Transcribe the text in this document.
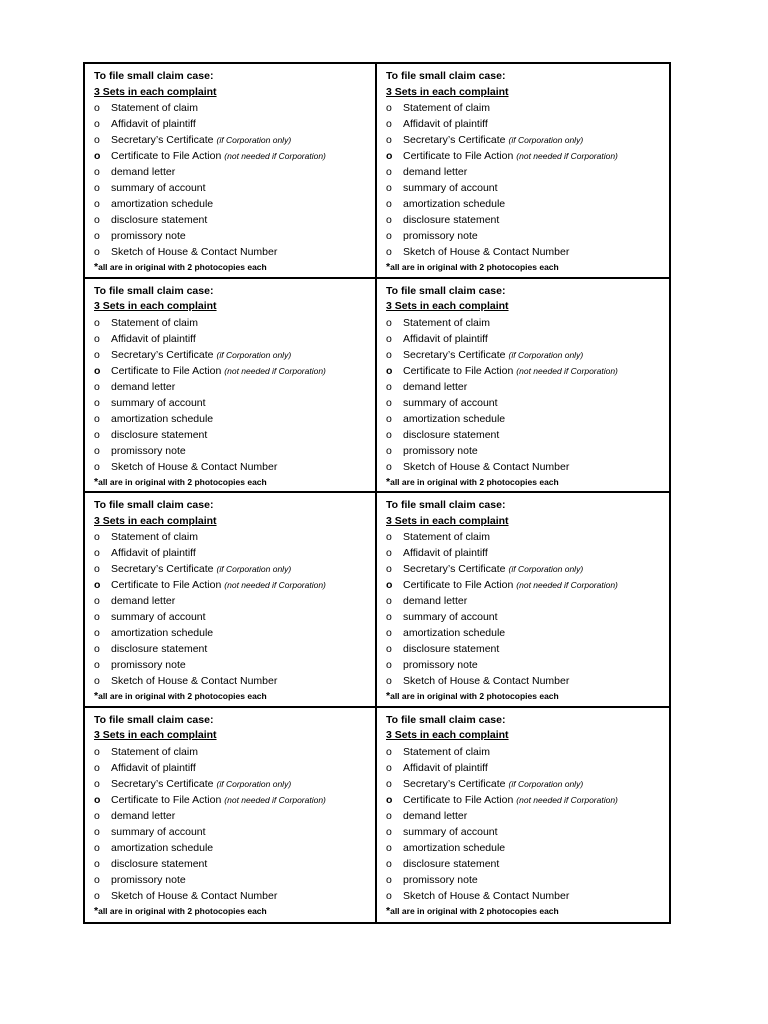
To file small claim case:
3 Sets in each complaint
o	Statement of claim
o	Affidavit of plaintiff
o	Secretary’s Certificate (if Corporation only)
o	Certificate to File Action (not needed if Corporation)
o	demand letter
o	summary of account
o	amortization schedule
o	disclosure statement
o	promissory note
o	Sketch of House & Contact Number
*all are in original with 2 photocopies each
To file small claim case:
3 Sets in each complaint
o	Statement of claim
o	Affidavit of plaintiff
o	Secretary’s Certificate (if Corporation only)
o	Certificate to File Action (not needed if Corporation)
o	demand letter
o	summary of account
o	amortization schedule
o	disclosure statement
o	promissory note
o	Sketch of House & Contact Number
*all are in original with 2 photocopies each
To file small claim case:
3 Sets in each complaint
o	Statement of claim
o	Affidavit of plaintiff
o	Secretary’s Certificate (if Corporation only)
o	Certificate to File Action (not needed if Corporation)
o	demand letter
o	summary of account
o	amortization schedule
o	disclosure statement
o	promissory note
o	Sketch of House & Contact Number
*all are in original with 2 photocopies each
To file small claim case:
3 Sets in each complaint
o	Statement of claim
o	Affidavit of plaintiff
o	Secretary’s Certificate (if Corporation only)
o	Certificate to File Action (not needed if Corporation)
o	demand letter
o	summary of account
o	amortization schedule
o	disclosure statement
o	promissory note
o	Sketch of House & Contact Number
*all are in original with 2 photocopies each
To file small claim case:
3 Sets in each complaint
o	Statement of claim
o	Affidavit of plaintiff
o	Secretary’s Certificate (if Corporation only)
o	Certificate to File Action (not needed if Corporation)
o	demand letter
o	summary of account
o	amortization schedule
o	disclosure statement
o	promissory note
o	Sketch of House & Contact Number
*all are in original with 2 photocopies each
To file small claim case:
3 Sets in each complaint
o	Statement of claim
o	Affidavit of plaintiff
o	Secretary’s Certificate (if Corporation only)
o	Certificate to File Action (not needed if Corporation)
o	demand letter
o	summary of account
o	amortization schedule
o	disclosure statement
o	promissory note
o	Sketch of House & Contact Number
*all are in original with 2 photocopies each
To file small claim case:
3 Sets in each complaint
o	Statement of claim
o	Affidavit of plaintiff
o	Secretary’s Certificate (if Corporation only)
o	Certificate to File Action (not needed if Corporation)
o	demand letter
o	summary of account
o	amortization schedule
o	disclosure statement
o	promissory note
o	Sketch of House & Contact Number
*all are in original with 2 photocopies each
To file small claim case:
3 Sets in each complaint
o	Statement of claim
o	Affidavit of plaintiff
o	Secretary’s Certificate (if Corporation only)
o	Certificate to File Action (not needed if Corporation)
o	demand letter
o	summary of account
o	amortization schedule
o	disclosure statement
o	promissory note
o	Sketch of House & Contact Number
*all are in original with 2 photocopies each
